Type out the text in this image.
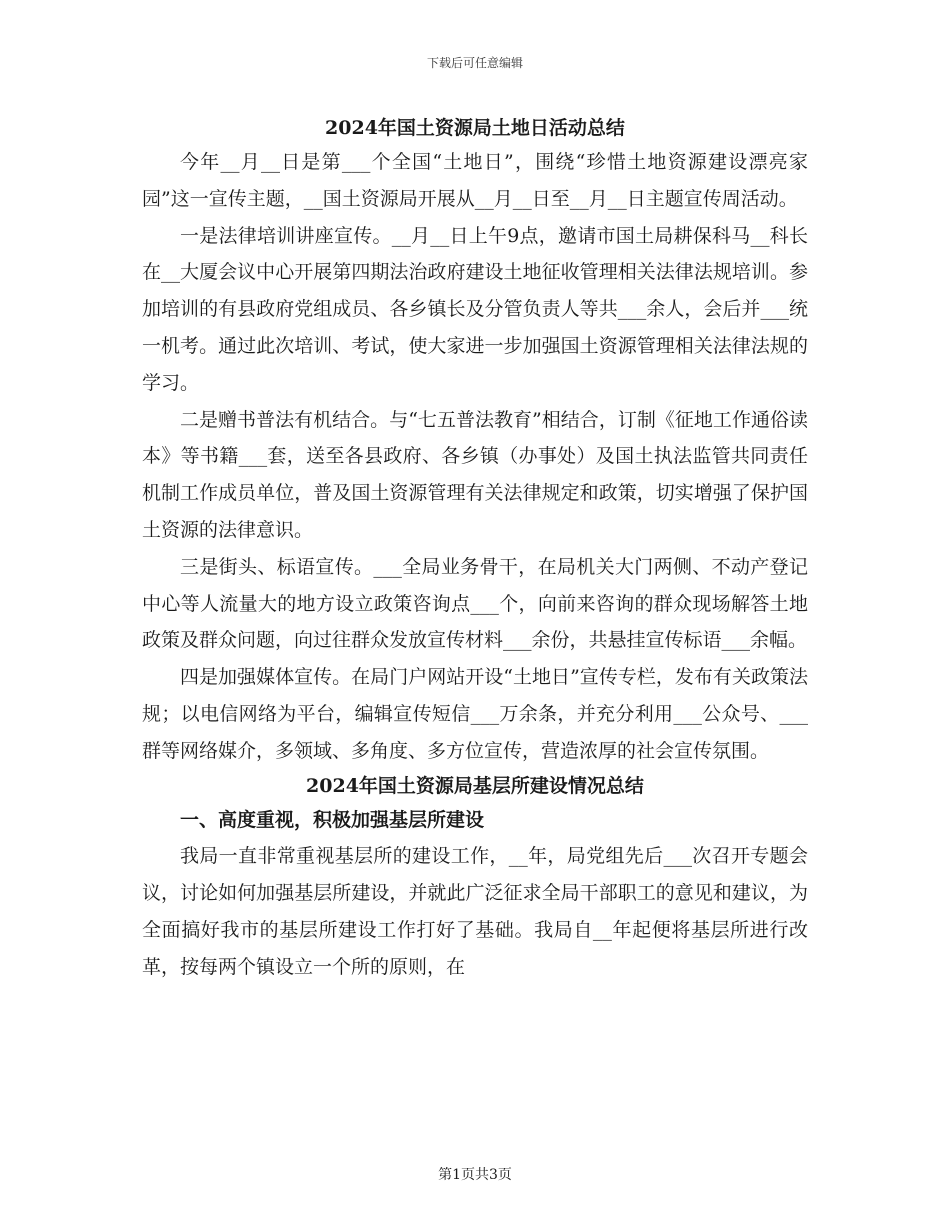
下载后可任意编辑
2024年国土资源局土地日活动总结

今年__月__日是第___个全国“土地日”，围绕“珍惜土地资源建设漂亮家园”这一宣传主题，__国土资源局开展从__月__日至__月__日主题宣传周活动。

一是法律培训讲座宣传。__月__日上午9点，邀请市国土局耕保科马__科长在__大厦会议中心开展第四期法治政府建设土地征收管理相关法律法规培训。参加培训的有县政府党组成员、各乡镇长及分管负责人等共___余人，会后并___统一机考。通过此次培训、考试，使大家进一步加强国土资源管理相关法律法规的学习。

二是赠书普法有机结合。与“七五普法教育”相结合，订制《征地工作通俗读本》等书籍___套，送至各县政府、各乡镇（办事处）及国土执法监管共同责任机制工作成员单位，普及国土资源管理有关法律规定和政策，切实增强了保护国土资源的法律意识。

三是街头、标语宣传。___全局业务骨干，在局机关大门两侧、不动产登记中心等人流量大的地方设立政策咨询点___个，向前来咨询的群众现场解答土地政策及群众问题，向过往群众发放宣传材料___余份，共悬挂宣传标语___余幅。

四是加强媒体宣传。在局门户网站开设“土地日”宣传专栏，发布有关政策法规；以电信网络为平台，编辑宣传短信___万余条，并充分利用___公众号、___群等网络媒介，多领域、多角度、多方位宣传，营造浓厚的社会宣传氛围。

2024年国土资源局基层所建设情况总结
一、高度重视，积极加强基层所建设

我局一直非常重视基层所的建设工作，__年，局党组先后___次召开专题会议，讨论如何加强基层所建设，并就此广泛征求全局干部职工的意见和建议，为全面搞好我市的基层所建设工作打好了基础。我局自__年起便将基层所进行改革，按每两个镇设立一个所的原则，在

第1页共3页
